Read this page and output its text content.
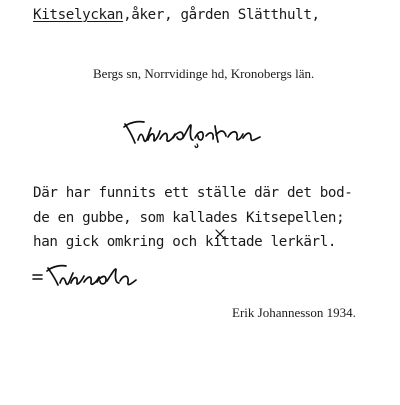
Kitselyckan,åker, gården Slätthult,
Bergs sn, Norrvidinge hd, Kronobergs län.
Där har funnits ett ställe där det bod-
de en gubbe, som kallades Kitsepellen;
han gick omkring och kittade lerkärl.
Erik Johannesson 1934.
